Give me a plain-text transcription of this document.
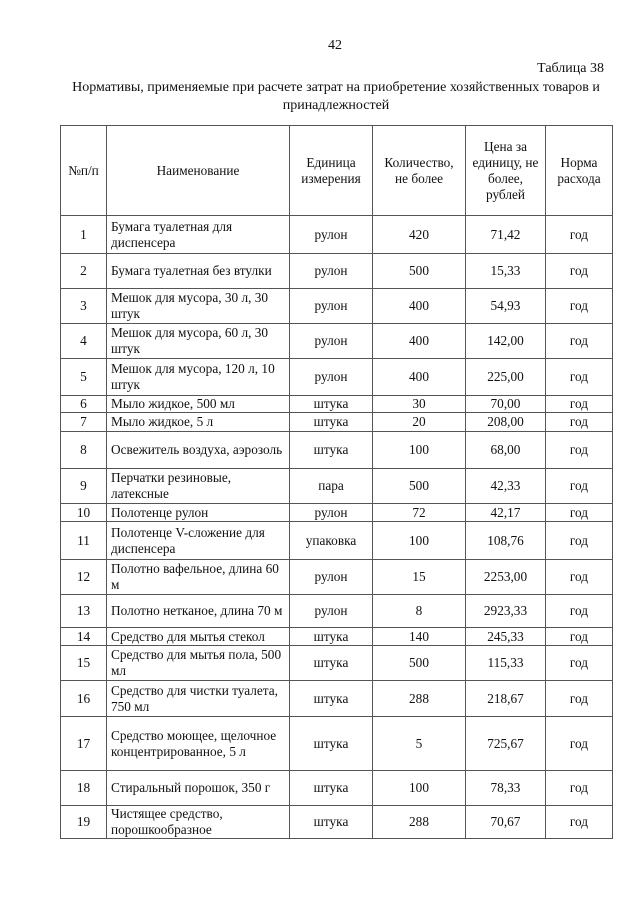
42
Таблица 38
Нормативы, применяемые при расчете затрат на приобретение хозяйственных товаров и принадлежностей
№п/п	Наименование	Единица измерения	Количество, не более	Цена за единицу, не более, рублей	Норма расхода
1	Бумага туалетная для диспенсера	рулон	420	71,42	год
2	Бумага туалетная без втулки	рулон	500	15,33	год
3	Мешок для мусора, 30 л, 30 штук	рулон	400	54,93	год
4	Мешок для мусора, 60 л, 30 штук	рулон	400	142,00	год
5	Мешок для мусора, 120 л, 10 штук	рулон	400	225,00	год
6	Мыло жидкое, 500 мл	штука	30	70,00	год
7	Мыло жидкое, 5 л	штука	20	208,00	год
8	Освежитель воздуха, аэрозоль	штука	100	68,00	год
9	Перчатки резиновые, латексные	пара	500	42,33	год
10	Полотенце рулон	рулон	72	42,17	год
11	Полотенце V-сложение для диспенсера	упаковка	100	108,76	год
12	Полотно вафельное, длина 60 м	рулон	15	2253,00	год
13	Полотно нетканое, длина 70 м	рулон	8	2923,33	год
14	Средство для мытья стекол	штука	140	245,33	год
15	Средство для мытья пола, 500 мл	штука	500	115,33	год
16	Средство для чистки туалета, 750 мл	штука	288	218,67	год
17	Средство моющее, щелочное концентрированное, 5 л	штука	5	725,67	год
18	Стиральный порошок, 350 г	штука	100	78,33	год
19	Чистящее средство, порошкообразное	штука	288	70,67	год
